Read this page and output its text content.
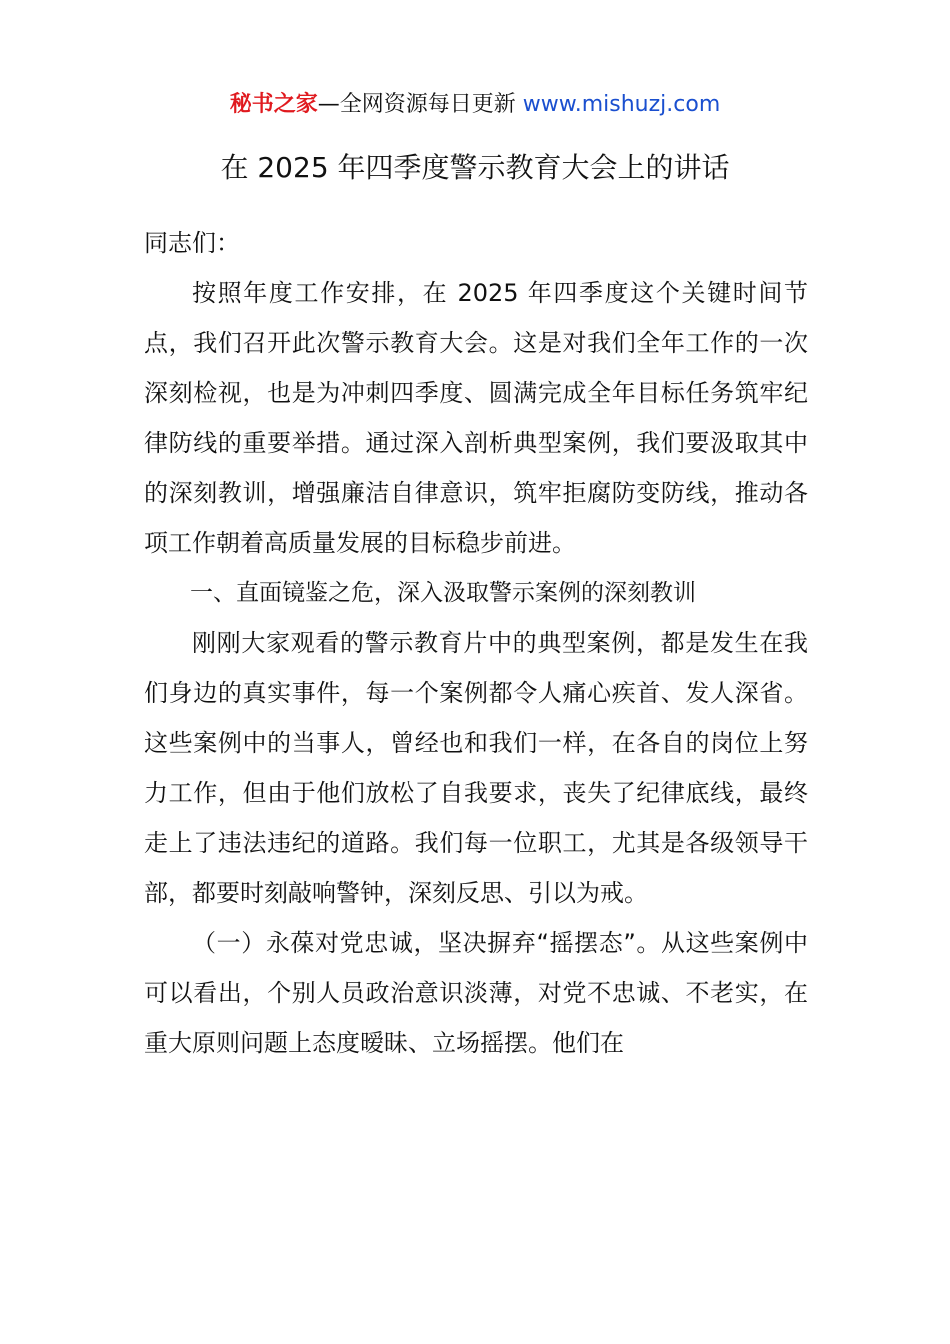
秘书之家—全网资源每日更新 www.mishuzj.com
在 2025 年四季度警示教育大会上的讲话

同志们：

按照年度工作安排，在 2025 年四季度这个关键时间节点，我们召开此次警示教育大会。这是对我们全年工作的一次深刻检视，也是为冲刺四季度、圆满完成全年目标任务筑牢纪律防线的重要举措。通过深入剖析典型案例，我们要汲取其中的深刻教训，增强廉洁自律意识，筑牢拒腐防变防线，推动各项工作朝着高质量发展的目标稳步前进。

一、直面镜鉴之危，深入汲取警示案例的深刻教训

刚刚大家观看的警示教育片中的典型案例，都是发生在我们身边的真实事件，每一个案例都令人痛心疾首、发人深省。这些案例中的当事人，曾经也和我们一样，在各自的岗位上努力工作，但由于他们放松了自我要求，丧失了纪律底线，最终走上了违法违纪的道路。我们每一位职工，尤其是各级领导干部，都要时刻敲响警钟，深刻反思、引以为戒。

（一）永葆对党忠诚，坚决摒弃“摇摆态”。从这些案例中可以看出，个别人员政治意识淡薄，对党不忠诚、不老实，在重大原则问题上态度暧昧、立场摇摆。他们在
